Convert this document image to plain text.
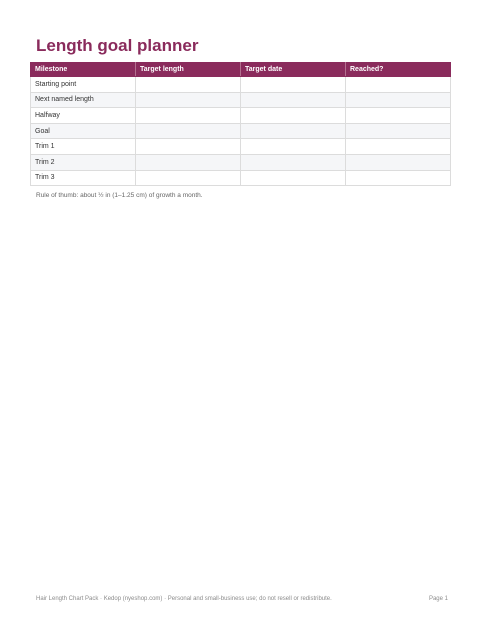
Length goal planner
Milestone	Target length	Target date	Reached?
Starting point			
Next named length			
Halfway			
Goal			
Trim 1			
Trim 2			
Trim 3			

Rule of thumb: about ½ in (1–1.25 cm) of growth a month.

Hair Length Chart Pack · Kedop (nyeshop.com) · Personal and small-business use; do not resell or redistribute.	Page 1
